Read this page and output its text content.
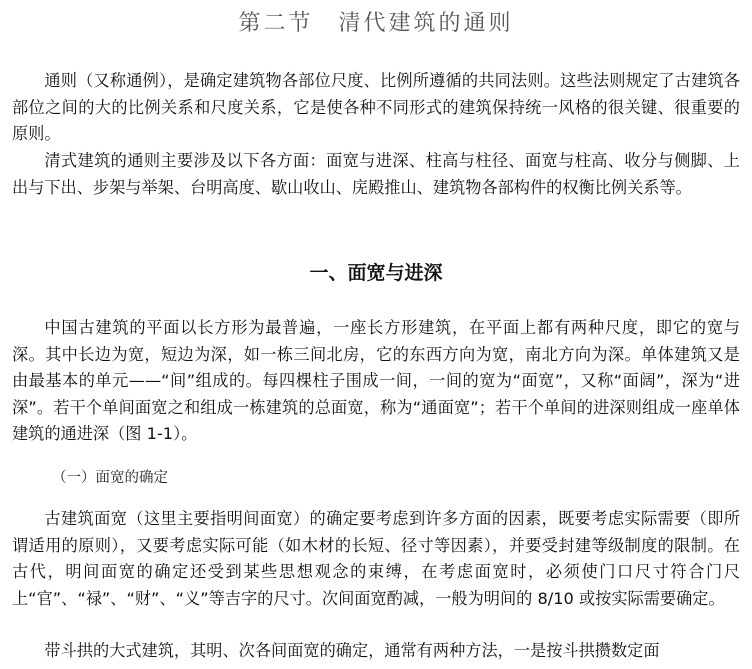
第二节　清代建筑的通则
通则（又称通例），是确定建筑物各部位尺度、比例所遵循的共同法则。这些法则规定了古建筑各部位之间的大的比例关系和尺度关系，它是使各种不同形式的建筑保持统一风格的很关键、很重要的原则。
清式建筑的通则主要涉及以下各方面：面宽与进深、柱高与柱径、面宽与柱高、收分与侧脚、上出与下出、步架与举架、台明高度、歇山收山、庑殿推山、建筑物各部构件的权衡比例关系等。
一、面宽与进深
中国古建筑的平面以长方形为最普遍，一座长方形建筑，在平面上都有两种尺度，即它的宽与深。其中长边为宽，短边为深，如一栋三间北房，它的东西方向为宽，南北方向为深。单体建筑又是由最基本的单元——“间”组成的。每四棵柱子围成一间，一间的宽为“面宽”，又称“面阔”，深为“进深”。若干个单间面宽之和组成一栋建筑的总面宽，称为“通面宽”；若干个单间的进深则组成一座单体建筑的通进深（图 1-1）。
（一）面宽的确定
古建筑面宽（这里主要指明间面宽）的确定要考虑到许多方面的因素，既要考虑实际需要（即所谓适用的原则），又要考虑实际可能（如木材的长短、径寸等因素），并要受封建等级制度的限制。在古代，明间面宽的确定还受到某些思想观念的束缚，在考虑面宽时，必须使门口尺寸符合门尺上“官”、“禄”、“财”、“义”等吉字的尺寸。次间面宽酌减，一般为明间的 8/10 或按实际需要确定。
带斗拱的大式建筑，其明、次各间面宽的确定，通常有两种方法，一是按斗拱攒数定面
